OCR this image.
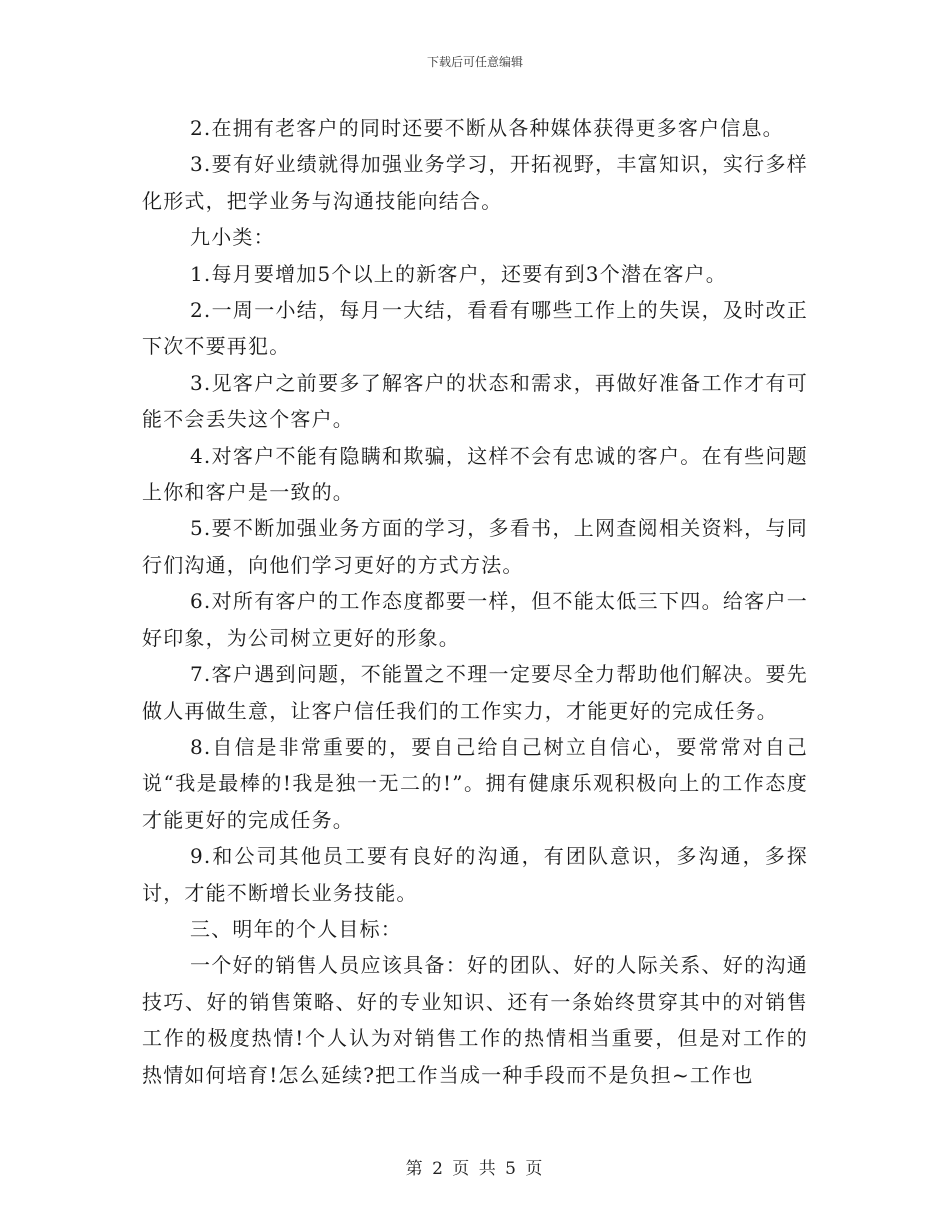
下载后可任意编辑

2.在拥有老客户的同时还要不断从各种媒体获得更多客户信息。

3.要有好业绩就得加强业务学习，开拓视野，丰富知识，实行多样化形式，把学业务与沟通技能向结合。

九小类：

1.每月要增加5个以上的新客户，还要有到3个潜在客户。

2.一周一小结，每月一大结，看看有哪些工作上的失误，及时改正下次不要再犯。

3.见客户之前要多了解客户的状态和需求，再做好准备工作才有可能不会丢失这个客户。

4.对客户不能有隐瞒和欺骗，这样不会有忠诚的客户。在有些问题上你和客户是一致的。

5.要不断加强业务方面的学习，多看书，上网查阅相关资料，与同行们沟通，向他们学习更好的方式方法。

6.对所有客户的工作态度都要一样，但不能太低三下四。给客户一好印象，为公司树立更好的形象。

7.客户遇到问题，不能置之不理一定要尽全力帮助他们解决。要先做人再做生意，让客户信任我们的工作实力，才能更好的完成任务。

8.自信是非常重要的，要自己给自己树立自信心，要常常对自己说“我是最棒的!我是独一无二的!”。拥有健康乐观积极向上的工作态度才能更好的完成任务。

9.和公司其他员工要有良好的沟通，有团队意识，多沟通，多探讨，才能不断增长业务技能。

三、明年的个人目标：

一个好的销售人员应该具备：好的团队、好的人际关系、好的沟通技巧、好的销售策略、好的专业知识、还有一条始终贯穿其中的对销售工作的极度热情!个人认为对销售工作的热情相当重要，但是对工作的热情如何培育!怎么延续?把工作当成一种手段而不是负担~工作也

第 2 页 共 5 页
